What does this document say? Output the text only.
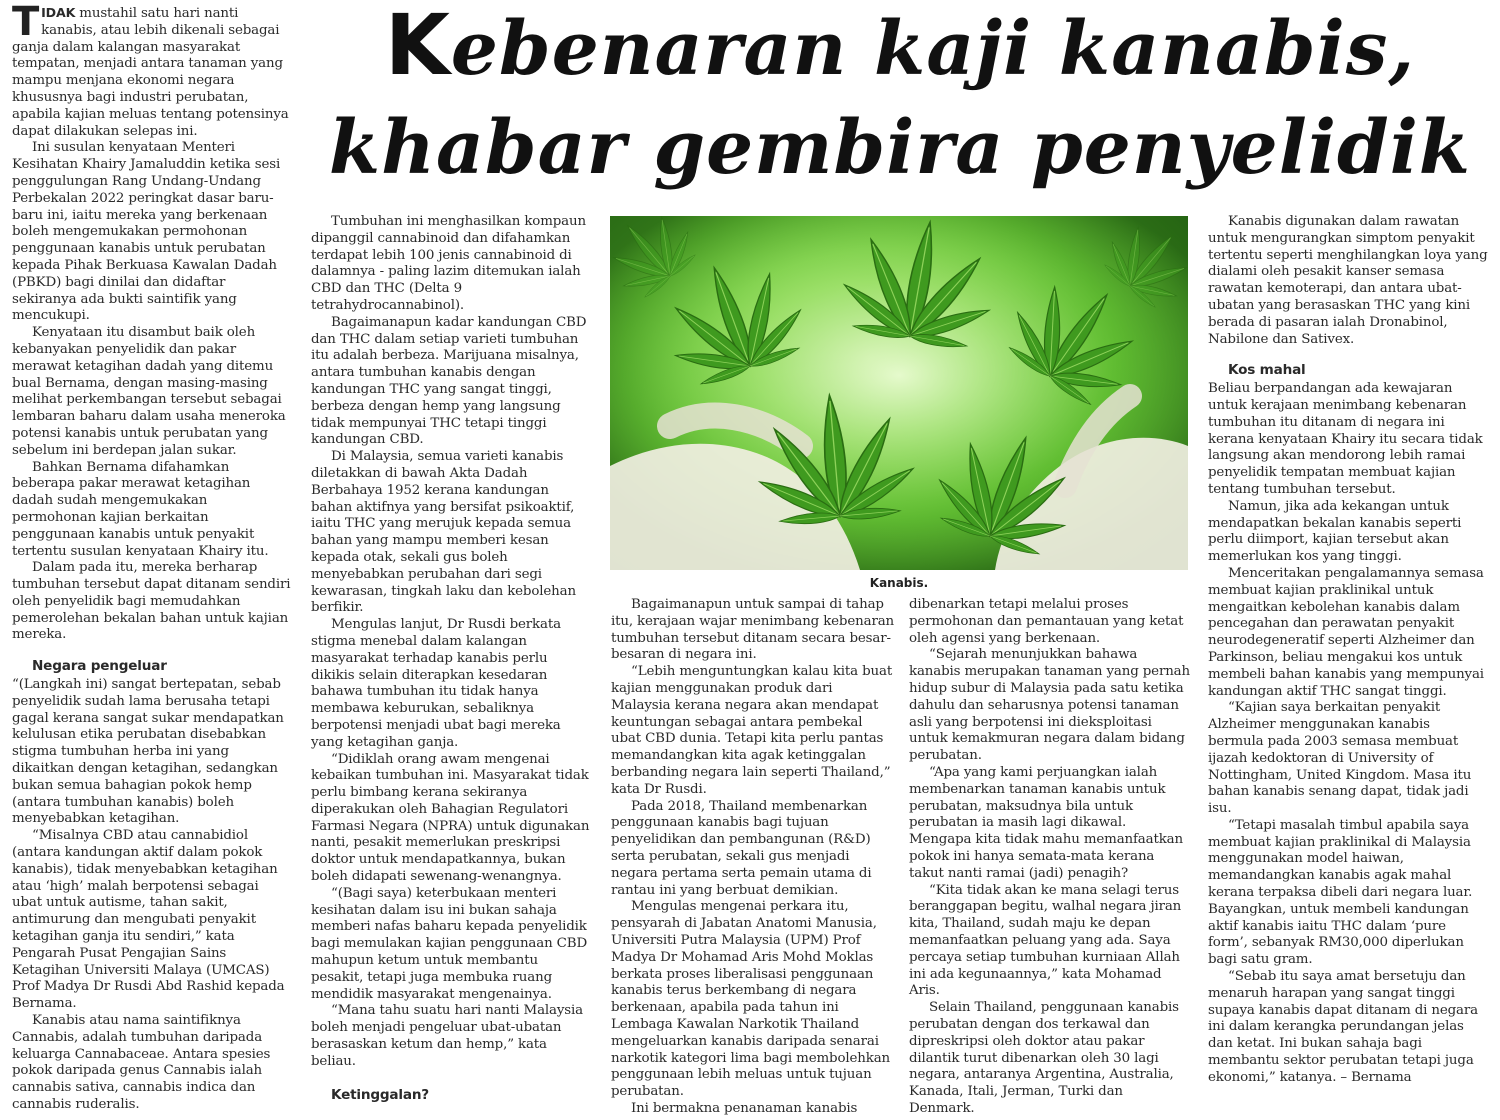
Kebenaran kaji kanabis,
khabar gembira penyelidik

TIDAK mustahil satu hari nanti kanabis, atau lebih dikenali sebagai ganja dalam kalangan masyarakat tempatan, menjadi antara tanaman yang mampu menjana ekonomi negara khususnya bagi industri perubatan, apabila kajian meluas tentang potensinya dapat dilakukan selepas ini.

Ini susulan kenyataan Menteri Kesihatan Khairy Jamaluddin ketika sesi penggulungan Rang Undang-Undang Perbekalan 2022 peringkat dasar baru-baru ini, iaitu mereka yang berkenaan boleh mengemukakan permohonan penggunaan kanabis untuk perubatan kepada Pihak Berkuasa Kawalan Dadah (PBKD) bagi dinilai dan didaftar sekiranya ada bukti saintifik yang mencukupi.

Kenyataan itu disambut baik oleh kebanyakan penyelidik dan pakar merawat ketagihan dadah yang ditemu bual Bernama, dengan masing-masing melihat perkembangan tersebut sebagai lembaran baharu dalam usaha meneroka potensi kanabis untuk perubatan yang sebelum ini berdepan jalan sukar.

Bahkan Bernama difahamkan beberapa pakar merawat ketagihan dadah sudah mengemukakan permohonan kajian berkaitan penggunaan kanabis untuk penyakit tertentu susulan kenyataan Khairy itu.

Dalam pada itu, mereka berharap tumbuhan tersebut dapat ditanam sendiri oleh penyelidik bagi memudahkan pemerolehan bekalan bahan untuk kajian mereka.

Negara pengeluar

“(Langkah ini) sangat bertepatan, sebab penyelidik sudah lama berusaha tetapi gagal kerana sangat sukar mendapatkan kelulusan etika perubatan disebabkan stigma tumbuhan herba ini yang dikaitkan dengan ketagihan, sedangkan bukan semua bahagian pokok hemp (antara tumbuhan kanabis) boleh menyebabkan ketagihan.

“Misalnya CBD atau cannabidiol (antara kandungan aktif dalam pokok kanabis), tidak menyebabkan ketagihan atau ‘high’ malah berpotensi sebagai ubat untuk autisme, tahan sakit, antimurung dan mengubati penyakit ketagihan ganja itu sendiri,” kata Pengarah Pusat Pengajian Sains Ketagihan Universiti Malaya (UMCAS) Prof Madya Dr Rusdi Abd Rashid kepada Bernama.

Kanabis atau nama saintifiknya Cannabis, adalah tumbuhan daripada keluarga Cannabaceae. Antara spesies pokok daripada genus Cannabis ialah cannabis sativa, cannabis indica dan cannabis ruderalis.

Tumbuhan ini menghasilkan kompaun dipanggil cannabinoid dan difahamkan terdapat lebih 100 jenis cannabinoid di dalamnya - paling lazim ditemukan ialah CBD dan THC (Delta 9 tetrahydrocannabinol).

Bagaimanapun kadar kandungan CBD dan THC dalam setiap varieti tumbuhan itu adalah berbeza. Marijuana misalnya, antara tumbuhan kanabis dengan kandungan THC yang sangat tinggi, berbeza dengan hemp yang langsung tidak mempunyai THC tetapi tinggi kandungan CBD.

Di Malaysia, semua varieti kanabis diletakkan di bawah Akta Dadah Berbahaya 1952 kerana kandungan bahan aktifnya yang bersifat psikoaktif, iaitu THC yang merujuk kepada semua bahan yang mampu memberi kesan kepada otak, sekali gus boleh menyebabkan perubahan dari segi kewarasan, tingkah laku dan kebolehan berfikir.

Mengulas lanjut, Dr Rusdi berkata stigma menebal dalam kalangan masyarakat terhadap kanabis perlu dikikis selain diterapkan kesedaran bahawa tumbuhan itu tidak hanya membawa keburukan, sebaliknya berpotensi menjadi ubat bagi mereka yang ketagihan ganja.

“Didiklah orang awam mengenai kebaikan tumbuhan ini. Masyarakat tidak perlu bimbang kerana sekiranya diperakukan oleh Bahagian Regulatori Farmasi Negara (NPRA) untuk digunakan nanti, pesakit memerlukan preskripsi doktor untuk mendapatkannya, bukan boleh didapati sewenang-wenangnya.

“(Bagi saya) keterbukaan menteri kesihatan dalam isu ini bukan sahaja memberi nafas baharu kepada penyelidik bagi memulakan kajian penggunaan CBD mahupun ketum untuk membantu pesakit, tetapi juga membuka ruang mendidik masyarakat mengenainya.

“Mana tahu suatu hari nanti Malaysia boleh menjadi pengeluar ubat-ubatan berasaskan ketum dan hemp,” kata beliau.

Ketinggalan?
Kanabis.

Bagaimanapun untuk sampai di tahap itu, kerajaan wajar menimbang kebenaran tumbuhan tersebut ditanam secara besar-besaran di negara ini.

“Lebih menguntungkan kalau kita buat kajian menggunakan produk dari Malaysia kerana negara akan mendapat keuntungan sebagai antara pembekal ubat CBD dunia. Tetapi kita perlu pantas memandangkan kita agak ketinggalan berbanding negara lain seperti Thailand,” kata Dr Rusdi.

Pada 2018, Thailand membenarkan penggunaan kanabis bagi tujuan penyelidikan dan pembangunan (R&D) serta perubatan, sekali gus menjadi negara pertama serta pemain utama di rantau ini yang berbuat demikian.

Mengulas mengenai perkara itu, pensyarah di Jabatan Anatomi Manusia, Universiti Putra Malaysia (UPM) Prof Madya Dr Mohamad Aris Mohd Moklas berkata proses liberalisasi penggunaan kanabis terus berkembang di negara berkenaan, apabila pada tahun ini Lembaga Kawalan Narkotik Thailand mengeluarkan kanabis daripada senarai narkotik kategori lima bagi membolehkan penggunaan lebih meluas untuk tujuan perubatan.

Ini bermakna penanaman kanabis

dibenarkan tetapi melalui proses permohonan dan pemantauan yang ketat oleh agensi yang berkenaan.

“Sejarah menunjukkan bahawa kanabis merupakan tanaman yang pernah hidup subur di Malaysia pada satu ketika dahulu dan seharusnya potensi tanaman asli yang berpotensi ini dieksploitasi untuk kemakmuran negara dalam bidang perubatan.

“Apa yang kami perjuangkan ialah membenarkan tanaman kanabis untuk perubatan, maksudnya bila untuk perubatan ia masih lagi dikawal. Mengapa kita tidak mahu memanfaatkan pokok ini hanya semata-mata kerana takut nanti ramai (jadi) penagih?

“Kita tidak akan ke mana selagi terus beranggapan begitu, walhal negara jiran kita, Thailand, sudah maju ke depan memanfaatkan peluang yang ada. Saya percaya setiap tumbuhan kurniaan Allah ini ada kegunaannya,” kata Mohamad Aris.

Selain Thailand, penggunaan kanabis perubatan dengan dos terkawal dan dipreskripsi oleh doktor atau pakar dilantik turut dibenarkan oleh 30 lagi negara, antaranya Argentina, Australia, Kanada, Itali, Jerman, Turki dan Denmark.

Kanabis digunakan dalam rawatan untuk mengurangkan simptom penyakit tertentu seperti menghilangkan loya yang dialami oleh pesakit kanser semasa rawatan kemoterapi, dan antara ubat-ubatan yang berasaskan THC yang kini berada di pasaran ialah Dronabinol, Nabilone dan Sativex.

Kos mahal

Beliau berpandangan ada kewajaran untuk kerajaan menimbang kebenaran tumbuhan itu ditanam di negara ini kerana kenyataan Khairy itu secara tidak langsung akan mendorong lebih ramai penyelidik tempatan membuat kajian tentang tumbuhan tersebut.

Namun, jika ada kekangan untuk mendapatkan bekalan kanabis seperti perlu diimport, kajian tersebut akan memerlukan kos yang tinggi.

Menceritakan pengalamannya semasa membuat kajian praklinikal untuk mengaitkan kebolehan kanabis dalam pencegahan dan perawatan penyakit neurodegeneratif seperti Alzheimer dan Parkinson, beliau mengakui kos untuk membeli bahan kanabis yang mempunyai kandungan aktif THC sangat tinggi.

“Kajian saya berkaitan penyakit Alzheimer menggunakan kanabis bermula pada 2003 semasa membuat ijazah kedoktoran di University of Nottingham, United Kingdom. Masa itu bahan kanabis senang dapat, tidak jadi isu.

“Tetapi masalah timbul apabila saya membuat kajian praklinikal di Malaysia menggunakan model haiwan, memandangkan kanabis agak mahal kerana terpaksa dibeli dari negara luar. Bayangkan, untuk membeli kandungan aktif kanabis iaitu THC dalam ‘pure form’, sebanyak RM30,000 diperlukan bagi satu gram.

“Sebab itu saya amat bersetuju dan menaruh harapan yang sangat tinggi supaya kanabis dapat ditanam di negara ini dalam kerangka perundangan jelas dan ketat. Ini bukan sahaja bagi membantu sektor perubatan tetapi juga ekonomi,” katanya. – Bernama
